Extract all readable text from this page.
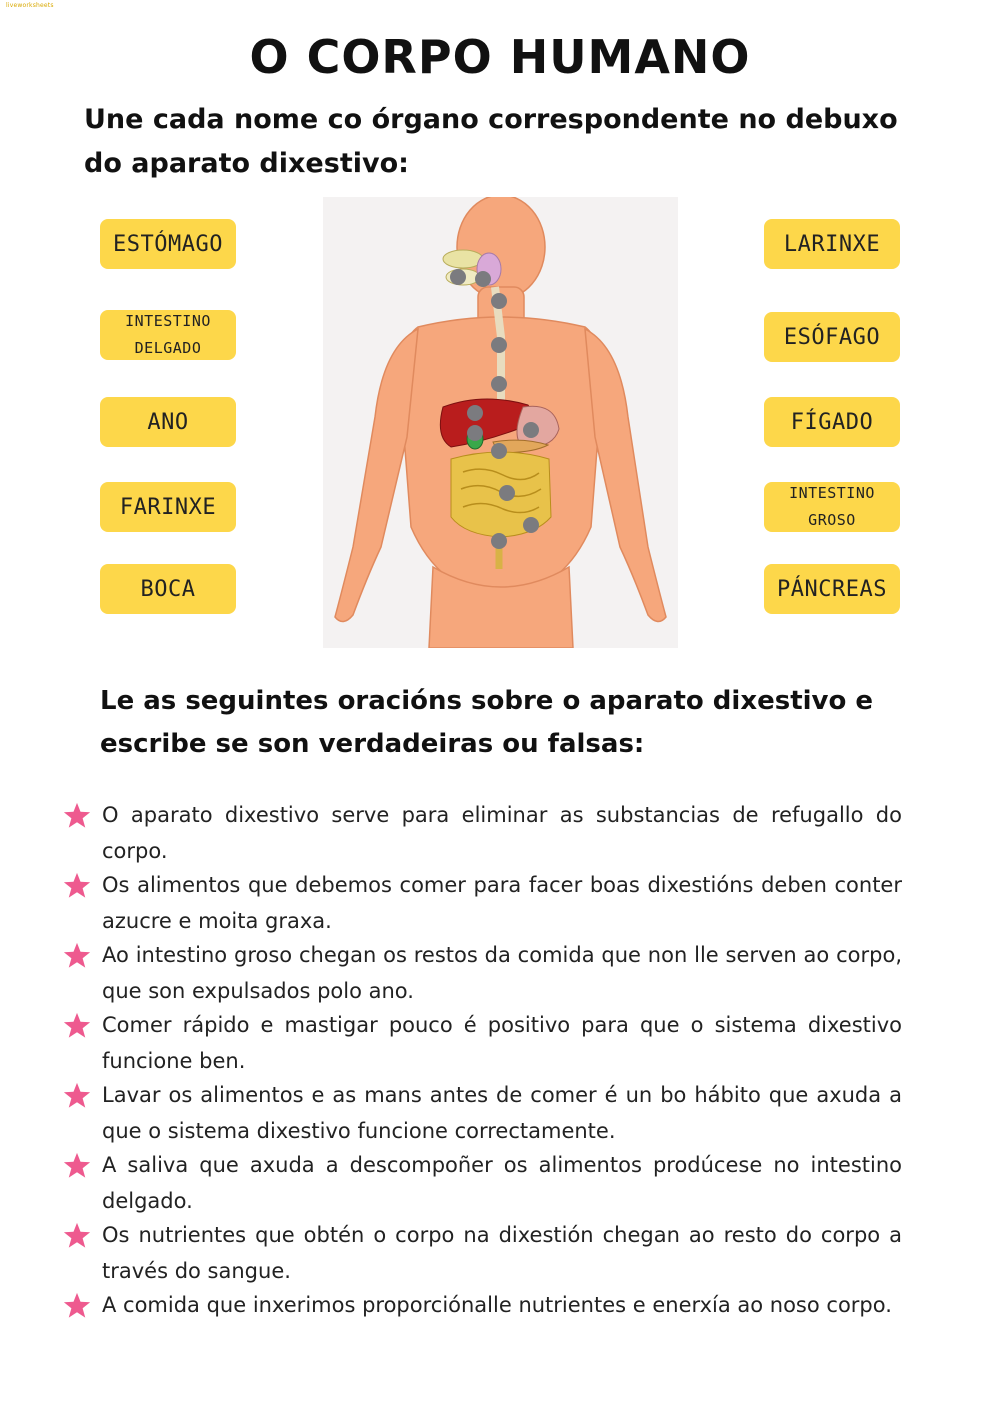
liveworksheets
O CORPO HUMANO
Une cada nome co órgano correspondente no debuxo do aparato dixestivo:
ESTÓMAGO
INTESTINO
DELGADO
ANO
FARINXE
BOCA
LARINXE
ESÓFAGO
FÍGADO
INTESTINO
GROSO
PÁNCREAS
Le as seguintes oracións sobre o aparato dixestivo e escribe se son verdadeiras ou falsas:
O aparato dixestivo serve para eliminar as substancias de refugallo do corpo.
Os alimentos que debemos comer para facer boas dixestións deben conter azucre e moita graxa.
Ao intestino groso chegan os restos da comida que non lle serven ao corpo, que son expulsados polo ano.
Comer rápido e mastigar pouco é positivo para que o sistema dixestivo funcione ben.
Lavar os alimentos e as mans antes de comer é un bo hábito que axuda a que o sistema dixestivo funcione correctamente.
A saliva que axuda a descompoñer os alimentos prodúcese no intestino delgado.
Os nutrientes que obtén o corpo na dixestión chegan ao resto do corpo a través do sangue.
A comida que inxerimos proporciónalle nutrientes e enerxía ao noso corpo.
